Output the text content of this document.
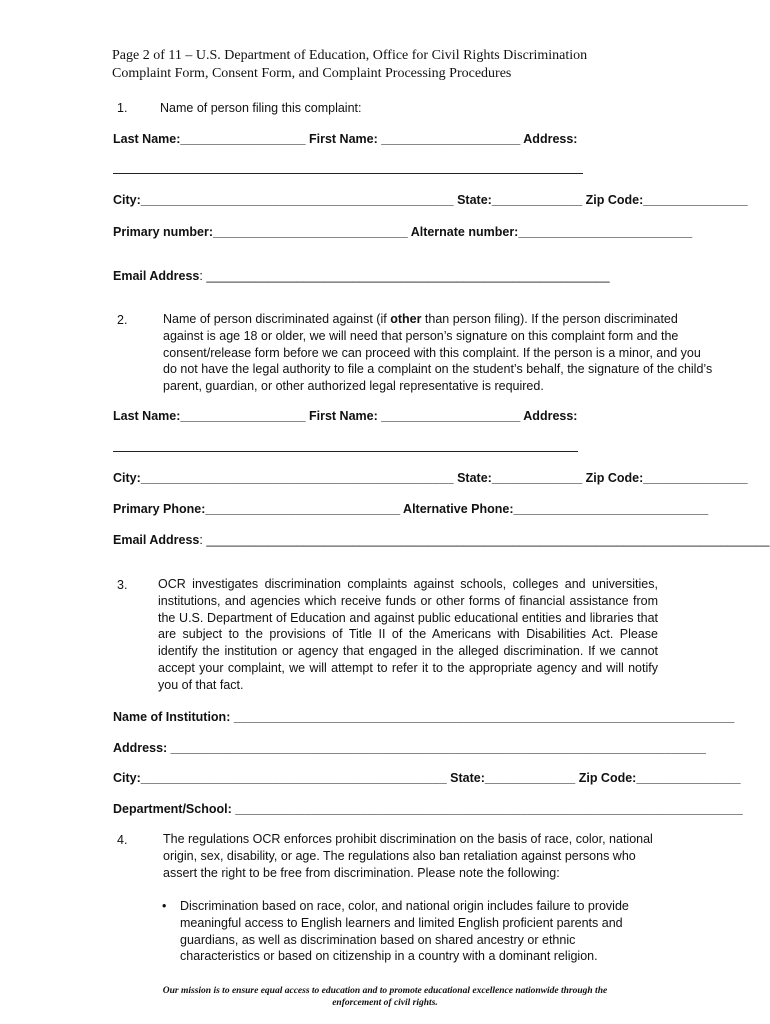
Page 2 of 11 – U.S. Department of Education, Office for Civil Rights Discrimination
Complaint Form, Consent Form, and Complaint Processing Procedures
1.	Name of person filing this complaint:
Last Name:__________________ First Name: ____________________ Address:
City:_____________________________________________ State:_____________ Zip Code:_______________
Primary number:____________________________ Alternate number:_________________________
Email Address: __________________________________________________________
2.	Name of person discriminated against (if other than person filing). If the person discriminated against is age 18 or older, we will need that person’s signature on this complaint form and the consent/release form before we can proceed with this complaint. If the person is a minor, and you do not have the legal authority to file a complaint on the student’s behalf, the signature of the child’s parent, guardian, or other authorized legal representative is required.
Last Name:__________________ First Name: ____________________ Address:
City:_____________________________________________ State:_____________ Zip Code:_______________
Primary Phone:____________________________ Alternative Phone:____________________________
Email Address: _________________________________________________________________________________
3. OCR investigates discrimination complaints against schools, colleges and universities, institutions, and agencies which receive funds or other forms of financial assistance from the U.S. Department of Education and against public educational entities and libraries that are subject to the provisions of Title II of the Americans with Disabilities Act. Please identify the institution or agency that engaged in the alleged discrimination. If we cannot accept your complaint, we will attempt to refer it to the appropriate agency and will notify you of that fact.
Name of Institution: ________________________________________________________________________
Address: _____________________________________________________________________________
City:____________________________________________ State:_____________ Zip Code:_______________
Department/School: _________________________________________________________________________
4.	The regulations OCR enforces prohibit discrimination on the basis of race, color, national origin, sex, disability, or age. The regulations also ban retaliation against persons who assert the right to be free from discrimination. Please note the following:
• Discrimination based on race, color, and national origin includes failure to provide meaningful access to English learners and limited English proficient parents and guardians, as well as discrimination based on shared ancestry or ethnic characteristics or based on citizenship in a country with a dominant religion.
Our mission is to ensure equal access to education and to promote educational excellence nationwide through the
enforcement of civil rights.
